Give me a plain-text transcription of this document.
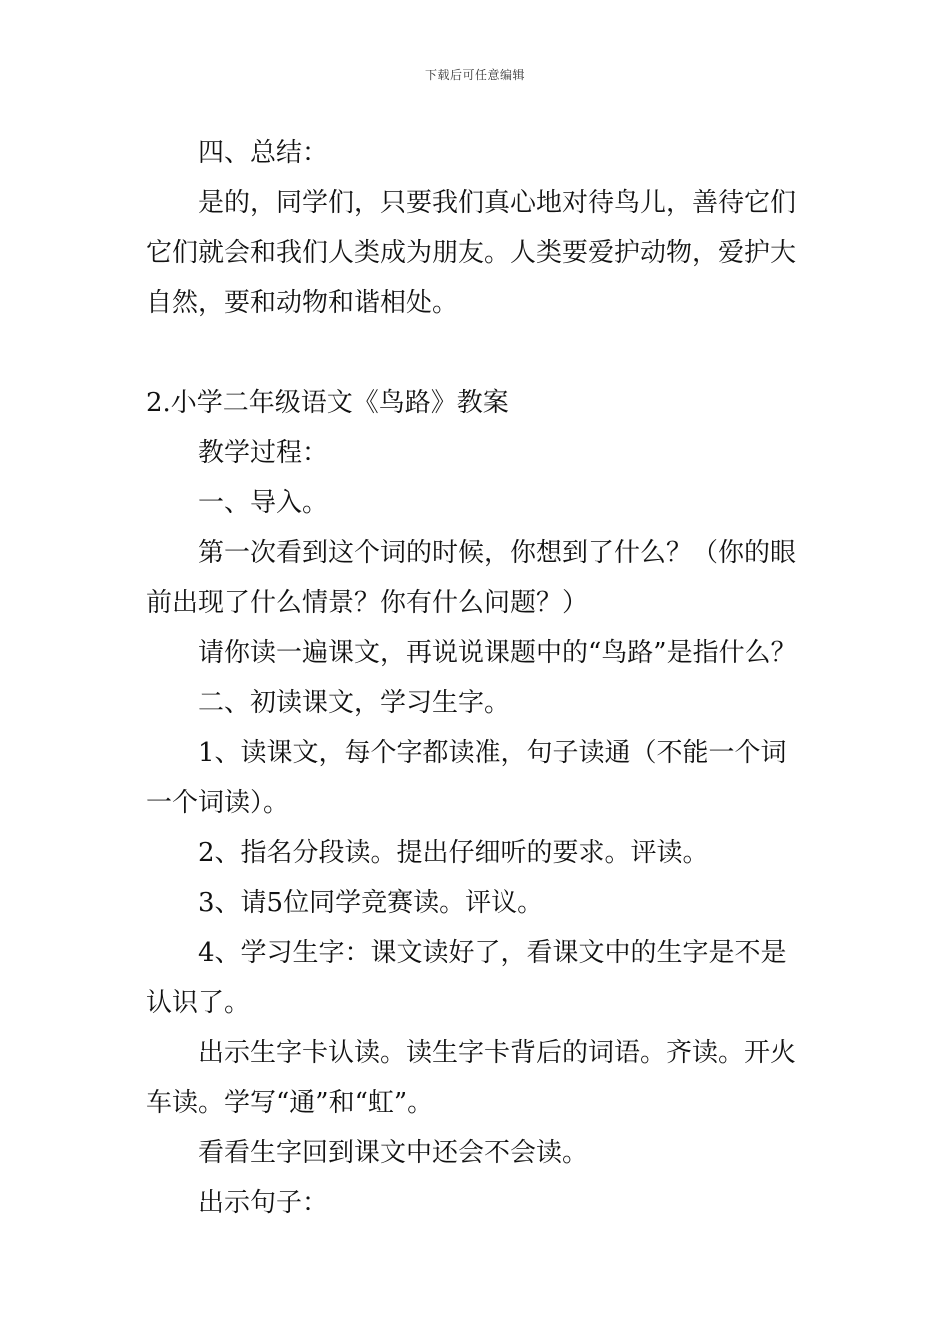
下载后可任意编辑

四、总结：

是的，同学们，只要我们真心地对待鸟儿，善待它们它们就会和我们人类成为朋友。人类要爱护动物，爱护大自然，要和动物和谐相处。

2.小学二年级语文《鸟路》教案

教学过程：

一、导入。

第一次看到这个词的时候，你想到了什么？（你的眼前出现了什么情景？你有什么问题？）

请你读一遍课文，再说说课题中的“鸟路”是指什么？

二、初读课文，学习生字。

1、读课文，每个字都读准，句子读通（不能一个词一个词读）。

2、指名分段读。提出仔细听的要求。评读。

3、请5位同学竞赛读。评议。

4、学习生字：课文读好了，看课文中的生字是不是认识了。

出示生字卡认读。读生字卡背后的词语。齐读。开火车读。学写“通”和“虹”。

看看生字回到课文中还会不会读。

出示句子：
